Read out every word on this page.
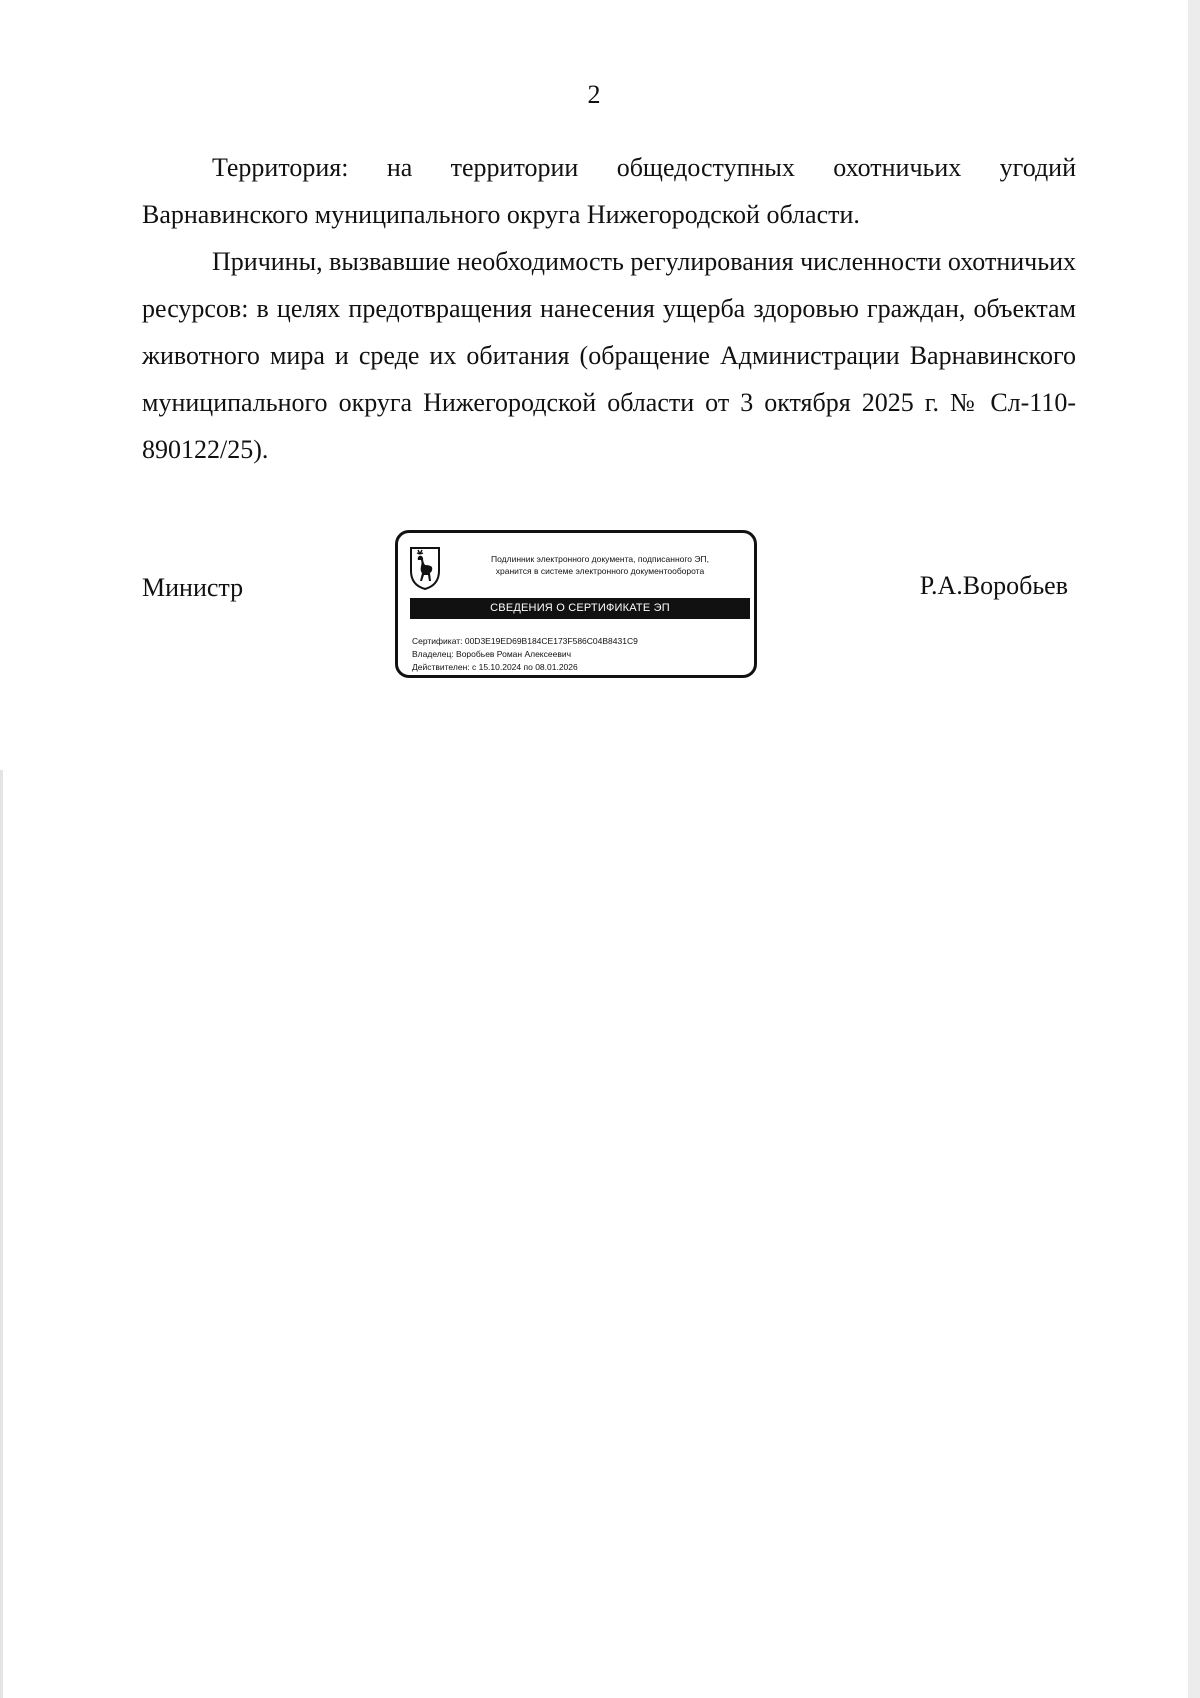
2

Территория: на территории общедоступных охотничьих угодий Варнавинского муниципального округа Нижегородской области.

Причины, вызвавшие необходимость регулирования численности охотничьих ресурсов: в целях предотвращения нанесения ущерба здоровью граждан, объектам животного мира и среде их обитания (обращение Администрации Варнавинского муниципального округа Нижегородской области от 3 октября 2025 г. № Сл-110-890122/25).

Министр
Подлинник электронного документа, подписанного ЭП,
хранится в системе электронного документооборота
СВЕДЕНИЯ О СЕРТИФИКАТЕ ЭП
Сертификат: 00D3E19ED69B184CE173F586C04B8431C9
Владелец: Воробьев Роман Алексеевич
Действителен: с 15.10.2024 по 08.01.2026
Р.А.Воробьев
